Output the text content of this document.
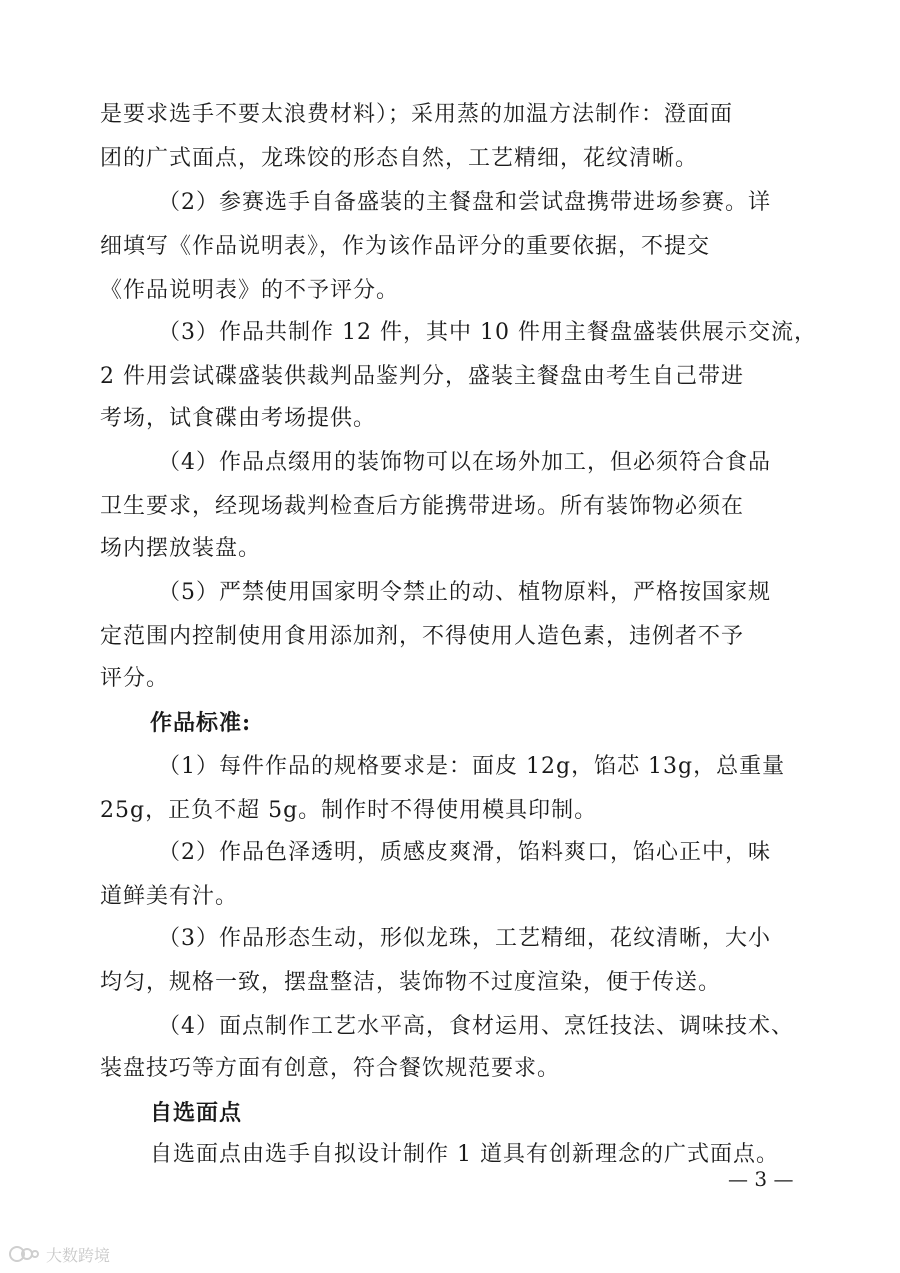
是要求选手不要太浪费材料）；采用蒸的加温方法制作：澄面面
团的广式面点，龙珠饺的形态自然，工艺精细，花纹清晰。
（2）参赛选手自备盛装的主餐盘和尝试盘携带进场参赛。详
细填写《作品说明表》，作为该作品评分的重要依据，不提交
《作品说明表》的不予评分。
（3）作品共制作 12 件，其中 10 件用主餐盘盛装供展示交流，
2 件用尝试碟盛装供裁判品鉴判分，盛装主餐盘由考生自己带进
考场，试食碟由考场提供。
（4）作品点缀用的装饰物可以在场外加工，但必须符合食品
卫生要求，经现场裁判检查后方能携带进场。所有装饰物必须在
场内摆放装盘。
（5）严禁使用国家明令禁止的动、植物原料，严格按国家规
定范围内控制使用食用添加剂，不得使用人造色素，违例者不予
评分。
作品标准:
（1）每件作品的规格要求是：面皮 12g，馅芯 13g，总重量
25g，正负不超 5g。制作时不得使用模具印制。
（2）作品色泽透明，质感皮爽滑，馅料爽口，馅心正中，味
道鲜美有汁。
（3）作品形态生动，形似龙珠，工艺精细，花纹清晰，大小
均匀，规格一致，摆盘整洁，装饰物不过度渲染，便于传送。
（4）面点制作工艺水平高，食材运用、烹饪技法、调味技术、
装盘技巧等方面有创意，符合餐饮规范要求。
自选面点
自选面点由选手自拟设计制作 1 道具有创新理念的广式面点。
— 3 —
大数跨境
